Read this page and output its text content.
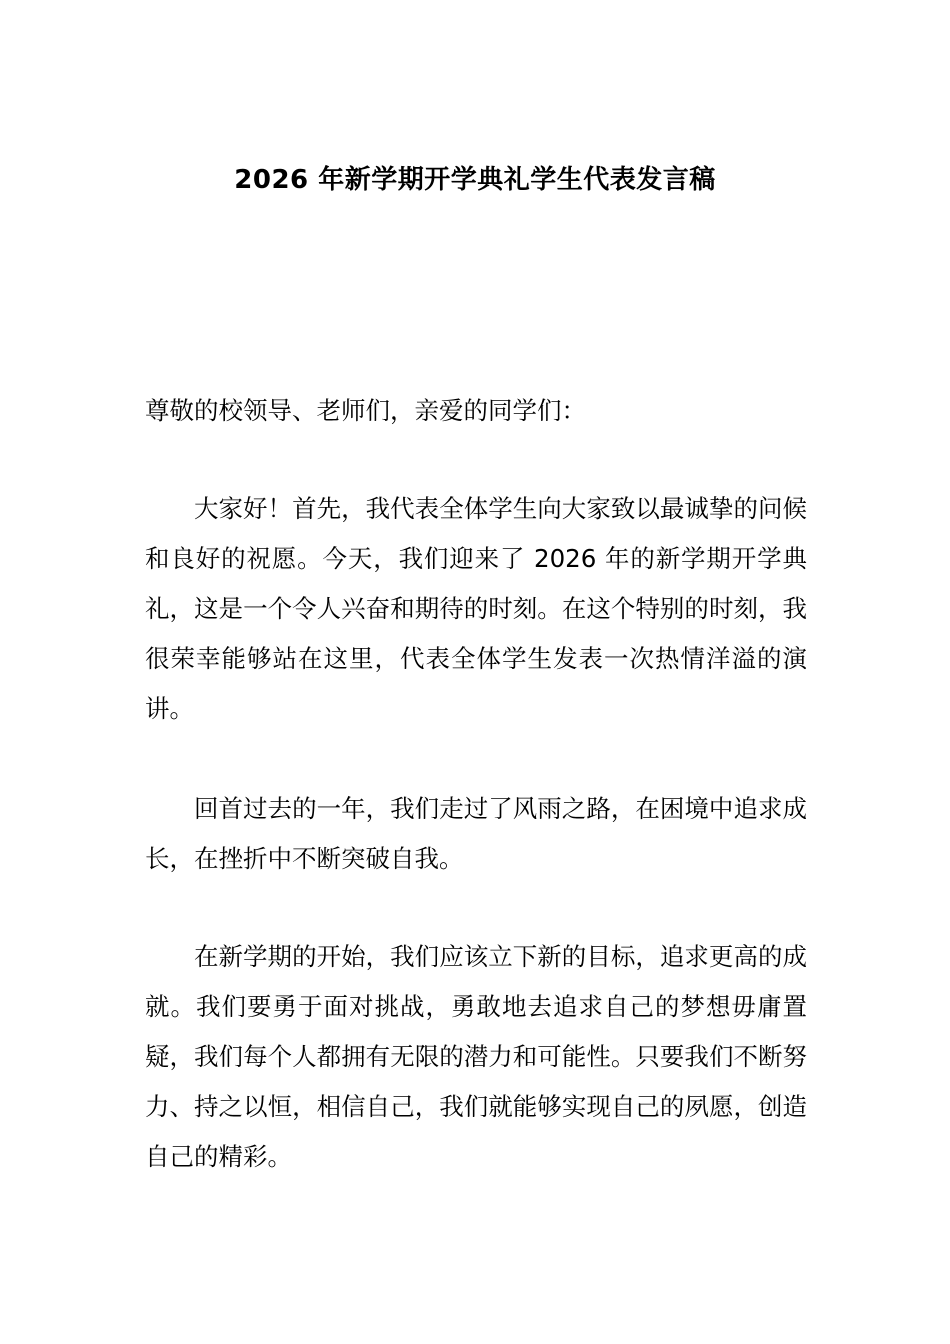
2026 年新学期开学典礼学生代表发言稿
尊敬的校领导、老师们，亲爱的同学们：
大家好！首先，我代表全体学生向大家致以最诚挚的问候和良好的祝愿。今天，我们迎来了 2026 年的新学期开学典礼，这是一个令人兴奋和期待的时刻。在这个特别的时刻，我很荣幸能够站在这里，代表全体学生发表一次热情洋溢的演讲。
回首过去的一年，我们走过了风雨之路，在困境中追求成长，在挫折中不断突破自我。
在新学期的开始，我们应该立下新的目标，追求更高的成就。我们要勇于面对挑战，勇敢地去追求自己的梦想毋庸置疑，我们每个人都拥有无限的潜力和可能性。只要我们不断努力、持之以恒，相信自己，我们就能够实现自己的夙愿，创造自己的精彩。
